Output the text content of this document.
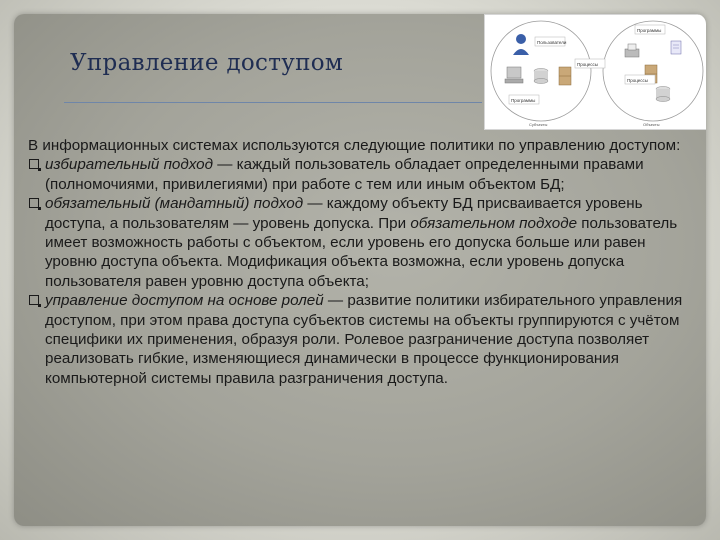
Управление доступом
Пользователи
Программы
Программы
Процессы
Процессы
Субъекты	Объекты

В информационных системах используются следующие политики по управлению доступом:

избирательный подход — каждый пользователь обладает определенными правами (полномочиями, привилегиями) при работе с тем или иным объектом БД;
обязательный (мандатный) подход — каждому объекту БД присваивается уровень доступа, а пользователям — уровень допуска. При обязательном подходе пользователь имеет возможность работы с объектом, если уровень его допуска больше или равен уровню доступа объекта. Модификация объекта возможна, если уровень допуска пользователя равен уровню доступа объекта;
управление доступом на основе ролей — развитие политики избирательного управления доступом, при этом права доступа субъектов системы на объекты группируются с учётом специфики их применения, образуя роли. Ролевое разграничение доступа позволяет реализовать гибкие, изменяющиеся динамически в процессе функционирования компьютерной системы правила разграничения доступа.
